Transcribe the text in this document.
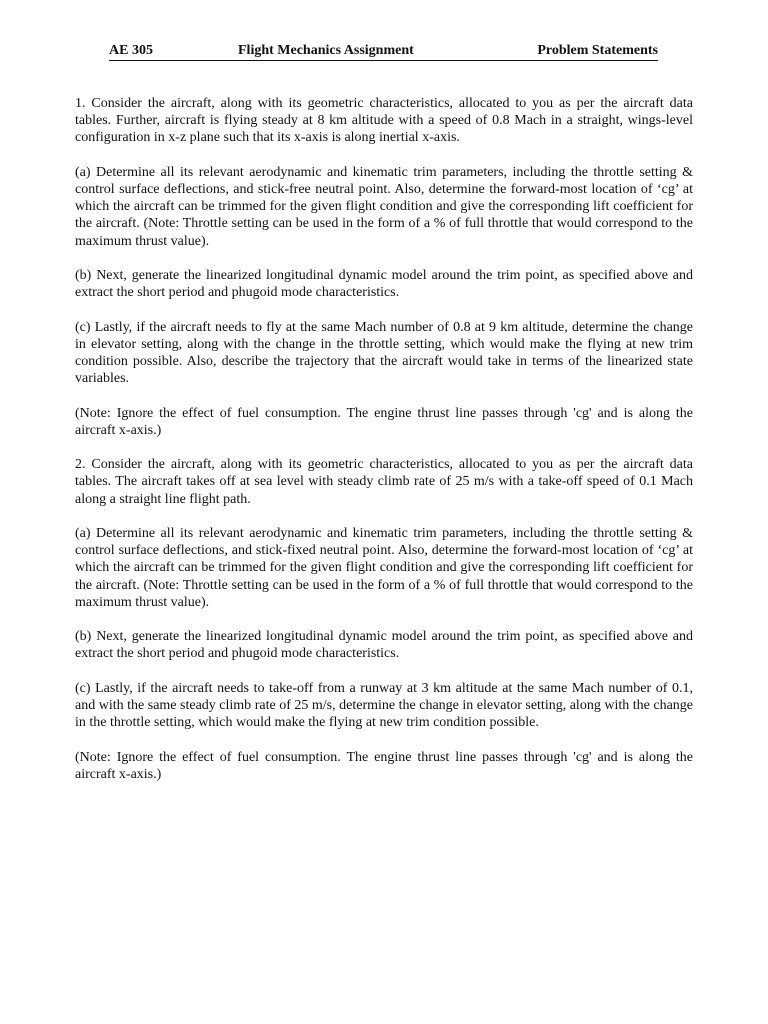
AE 305	Flight Mechanics Assignment	Problem Statements

1. Consider the aircraft, along with its geometric characteristics, allocated to you as per the aircraft data tables. Further, aircraft is flying steady at 8 km altitude with a speed of 0.8 Mach in a straight, wings-level configuration in x-z plane such that its x-axis is along inertial x-axis.

(a) Determine all its relevant aerodynamic and kinematic trim parameters, including the throttle setting & control surface deflections, and stick-free neutral point. Also, determine the forward-most location of ‘cg’ at which the aircraft can be trimmed for the given flight condition and give the corresponding lift coefficient for the aircraft. (Note: Throttle setting can be used in the form of a % of full throttle that would correspond to the maximum thrust value).

(b) Next, generate the linearized longitudinal dynamic model around the trim point, as specified above and extract the short period and phugoid mode characteristics.

(c) Lastly, if the aircraft needs to fly at the same Mach number of 0.8 at 9 km altitude, determine the change in elevator setting, along with the change in the throttle setting, which would make the flying at new trim condition possible. Also, describe the trajectory that the aircraft would take in terms of the linearized state variables.

(Note: Ignore the effect of fuel consumption. The engine thrust line passes through 'cg' and is along the aircraft x-axis.)

2. Consider the aircraft, along with its geometric characteristics, allocated to you as per the aircraft data tables. The aircraft takes off at sea level with steady climb rate of 25 m/s with a take-off speed of 0.1 Mach along a straight line flight path.

(a) Determine all its relevant aerodynamic and kinematic trim parameters, including the throttle setting & control surface deflections, and stick-fixed neutral point. Also, determine the forward-most location of ‘cg’ at which the aircraft can be trimmed for the given flight condition and give the corresponding lift coefficient for the aircraft. (Note: Throttle setting can be used in the form of a % of full throttle that would correspond to the maximum thrust value).

(b) Next, generate the linearized longitudinal dynamic model around the trim point, as specified above and extract the short period and phugoid mode characteristics.

(c) Lastly, if the aircraft needs to take-off from a runway at 3 km altitude at the same Mach number of 0.1, and with the same steady climb rate of 25 m/s, determine the change in elevator setting, along with the change in the throttle setting, which would make the flying at new trim condition possible.

(Note: Ignore the effect of fuel consumption. The engine thrust line passes through 'cg' and is along the aircraft x-axis.)
